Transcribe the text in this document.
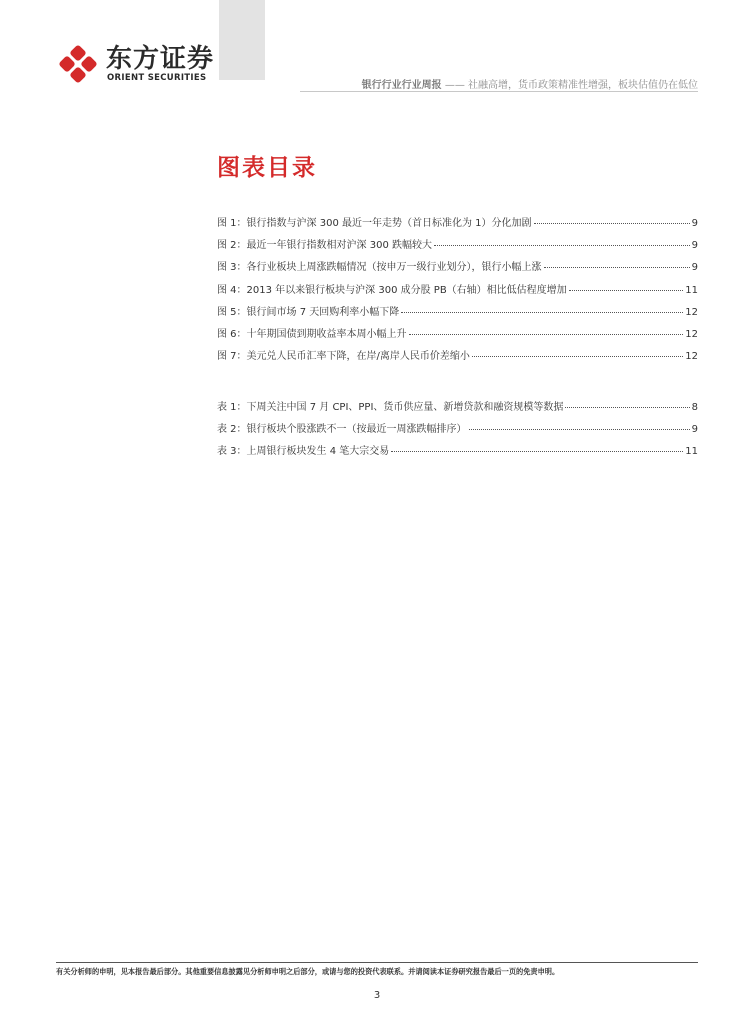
东方证券
ORIENT SECURITIES
银行行业行业周报 —— 社融高增，货币政策精准性增强，板块估值仍在低位
图表目录
图 1：银行指数与沪深 300 最近一年走势（首日标准化为 1）分化加剧	9
图 2：最近一年银行指数相对沪深 300 跌幅较大	9
图 3：各行业板块上周涨跌幅情况（按申万一级行业划分），银行小幅上涨	9
图 4：2013 年以来银行板块与沪深 300 成分股 PB（右轴）相比低估程度增加	11
图 5：银行间市场 7 天回购利率小幅下降	12
图 6：十年期国债到期收益率本周小幅上升	12
图 7：美元兑人民币汇率下降，在岸/离岸人民币价差缩小	12
表 1：下周关注中国 7 月 CPI、PPI、货币供应量、新增贷款和融资规模等数据	8
表 2：银行板块个股涨跌不一（按最近一周涨跌幅排序）	9
表 3：上周银行板块发生 4 笔大宗交易	11
有关分析师的申明，见本报告最后部分。其他重要信息披露见分析师申明之后部分，或请与您的投资代表联系。并请阅读本证券研究报告最后一页的免责申明。
3
